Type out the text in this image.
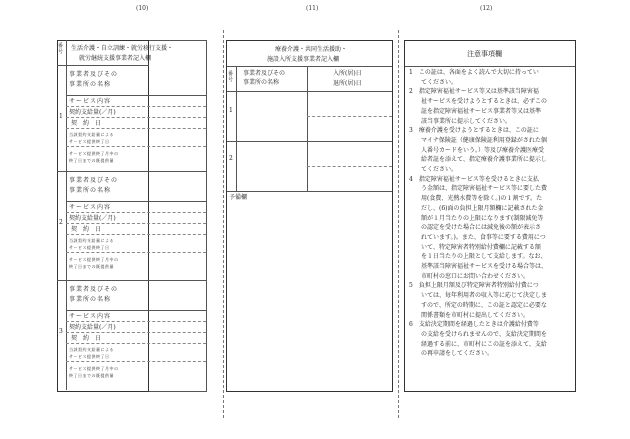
(10)	(11)	(12)
番号	生活介護・自立訓練・就労移行支援・
就労継続支援事業者記入欄
1
事業者及びその
事業所の名称
サービス内容
契約支給量(／月)
契　約　日
当該契約支給量による
サービス提供終了日
サービス提供終了月中の
終了日までの既提供量
2
事業者及びその
事業所の名称
サービス内容
契約支給量(／月)
契　約　日
当該契約支給量による
サービス提供終了日
サービス提供終了月中の
終了日までの既提供量
3
事業者及びその
事業所の名称
サービス内容
契約支給量(／月)
契　約　日
当該契約支給量による
サービス提供終了日
サービス提供終了月中の
終了日までの既提供量
療養介護・共同生活援助・
施設入所支援事業者記入欄
番号
事業者及びその
事業所の名称
入所(居)日
退所(居)日
1
2
予備欄
注意事項欄
1　この証は、各面をよく読んで大切に持ってい
　　てください。
2　指定障害福祉サービス等又は基準該当障害福
　　祉サービスを受けようとするときは、必ずこの
　　証を指定障害福祉サービス事業者等又は基準
　　該当事業所に提示してください。
3　療養介護を受けようとするときは、この証に
　　マイナ保険証（健康保険証利用登録がされた個
　　人番号カードをいう。）等及び療養介護医療受
　　給者証を添えて、指定療養介護事業所に提示し
　　てください。
4　指定障害福祉サービス等を受けるときに支払
　　う金額は、指定障害福祉サービス等に要した費
　　用(食費、光熱水費等を除く。)の１割です。た
　　だし、(6)面の負担上限月額欄に記載された金
　　額が１月当たりの上限になります(制限減免等
　　の認定を受けた場合には減免後の額が表示さ
　　れています。)。また、食事等に要する費用につ
　　いて、特定障害者特別給付費欄に記載する額
　　を１日当たりの上限として支給します。なお、
　　基準該当障害福祉サービスを受ける場合等は、
　　市町村の窓口にお問い合わせください。
5　負担上限月額及び特定障害者特別給付費につ
　　いては、毎年利用者の収入等に応じて決定しま
　　すので、所定の時期に、この証と認定に必要な
　　関係書類を市町村に提出してください。
6　支給決定期間を経過したときは介護給付費等
　　の支給を受けられませんので、支給決定期間を
　　経過する前に、市町村にこの証を添えて、支給
　　の再申請をしてください。
